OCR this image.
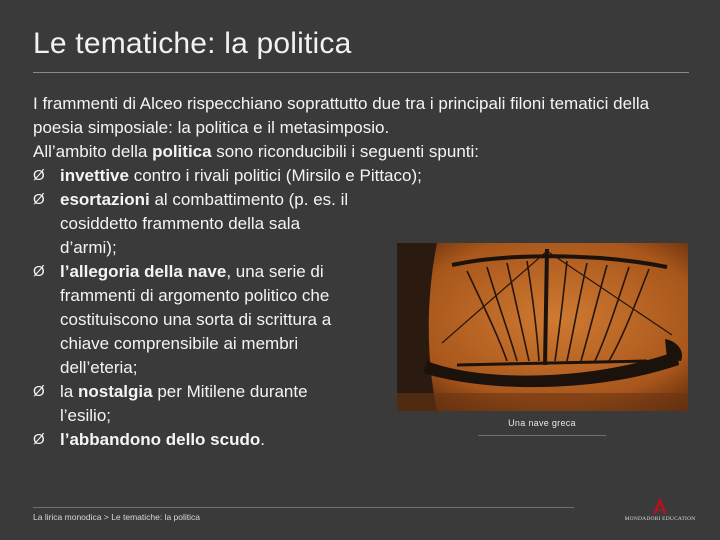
Le tematiche: la politica
I frammenti di Alceo rispecchiano soprattutto due tra i principali filoni tematici della poesia simposiale: la politica e il metasimposio.
All’ambito della politica sono riconducibili i seguenti spunti:
Ø invettive contro i rivali politici (Mirsilo e Pittaco);
Ø esortazioni al combattimento (p. es. il cosiddetto frammento della sala d’armi);
Ø l’allegoria della nave, una serie di frammenti di argomento politico che costituiscono una sorta di scrittura a chiave comprensibile ai membri dell’eteria;
Ø la nostalgia per Mitilene durante l’esilio;
Ø l’abbandono dello scudo.
Una nave greca
La lirica monodica > Le tematiche: la politica	MONDADORI EDUCATION
